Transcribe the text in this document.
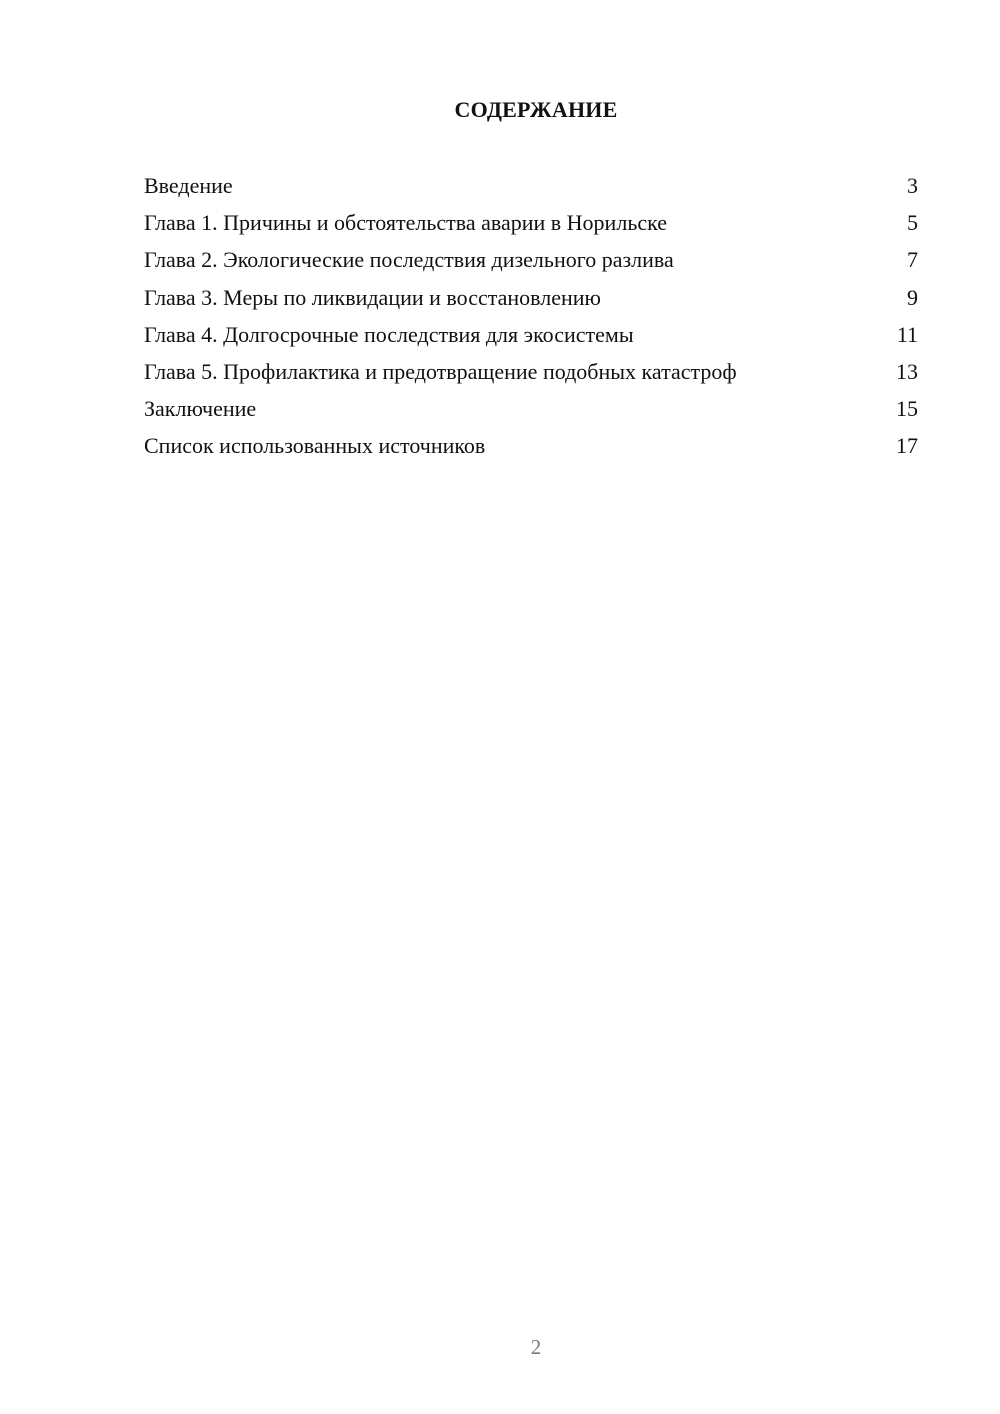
СОДЕРЖАНИЕ
Введение	3
Глава 1. Причины и обстоятельства аварии в Норильске	5
Глава 2. Экологические последствия дизельного разлива	7
Глава 3. Меры по ликвидации и восстановлению	9
Глава 4. Долгосрочные последствия для экосистемы	11
Глава 5. Профилактика и предотвращение подобных катастроф	13
Заключение	15
Список использованных источников	17
2
